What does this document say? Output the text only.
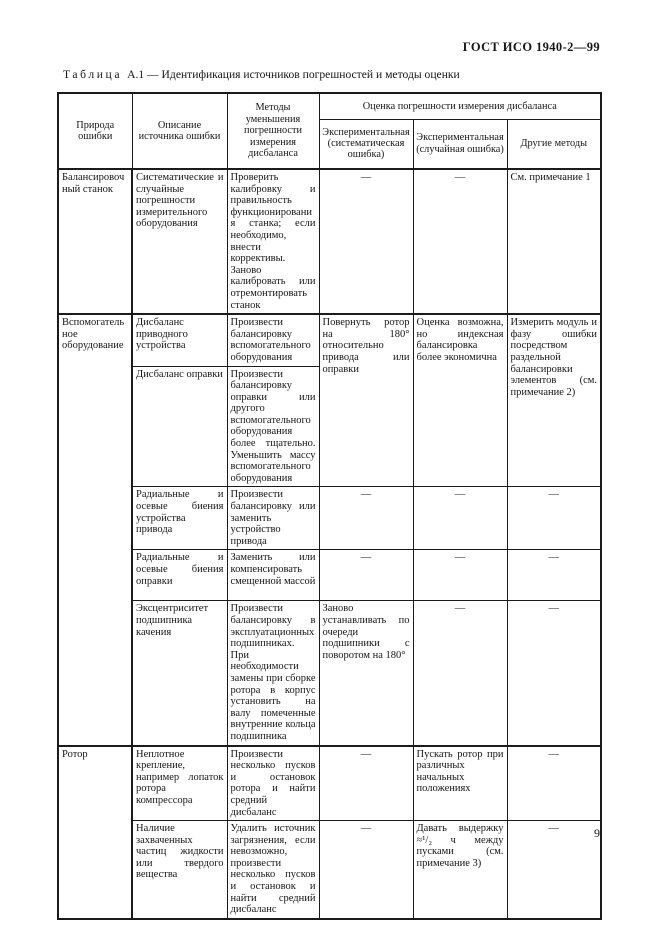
ГОСТ ИСО 1940-2—99
Таблица А.1 — Идентификация источников погрешностей и методы оценки
Природа ошибки	Описание источника ошибки	Методы уменьшения погрешности измерения дисбаланса	Оценка погрешности измерения дисбаланса		
			Экспериментальная (систематическая ошибка)	Экспериментальная (случайная ошибка)	Другие методы
Балансировочный станок	Систематические и случайные погрешности измерительного оборудования	Проверить калибровку и правильность функционирования станка; если необходимо, внести коррективы. Заново калибровать или отремонтировать станок	—	—	См. примечание 1
Вспомогательное оборудование	Дисбаланс приводного устройства	Произвести балансировку вспомогательного оборудования	Повернуть ротор на 180° относительно привода или оправки	Оценка возможна, но индексная балансировка более экономична	Измерить модуль и фазу ошибки посредством раздельной балансировки элементов (см. примечание 2)
	Дисбаланс оправки	Произвести балансировку оправки или другого вспомогательного оборудования более тщательно. Уменьшить массу вспомогательного оборудования			
	Радиальные и осевые биения устройства привода	Произвести балансировку или заменить устройство привода	—	—	—
	Радиальные и осевые биения оправки	Заменить или компенсировать смещенной массой	—	—	—
	Эксцентриситет подшипника качения	Произвести балансировку в эксплуатационных подшипниках. При необходимости замены при сборке ротора в корпус установить на валу помеченные внутренние кольца подшипника	Заново устанавливать по очереди подшипники с поворотом на 180°	—	—
Ротор	Неплотное крепление, например лопаток ротора компрессора	Произвести несколько пусков и остановок ротора и найти средний дисбаланс	—	Пускать ротор при различных начальных положениях	—
	Наличие захваченных частиц жидкости или твердого вещества	Удалить источник загрязнения, если невозможно, произвести несколько пусков и остановок и найти средний дисбаланс	—	Давать выдержку ≈¹/₂ ч между пусками (см. примечание 3)	—	9
